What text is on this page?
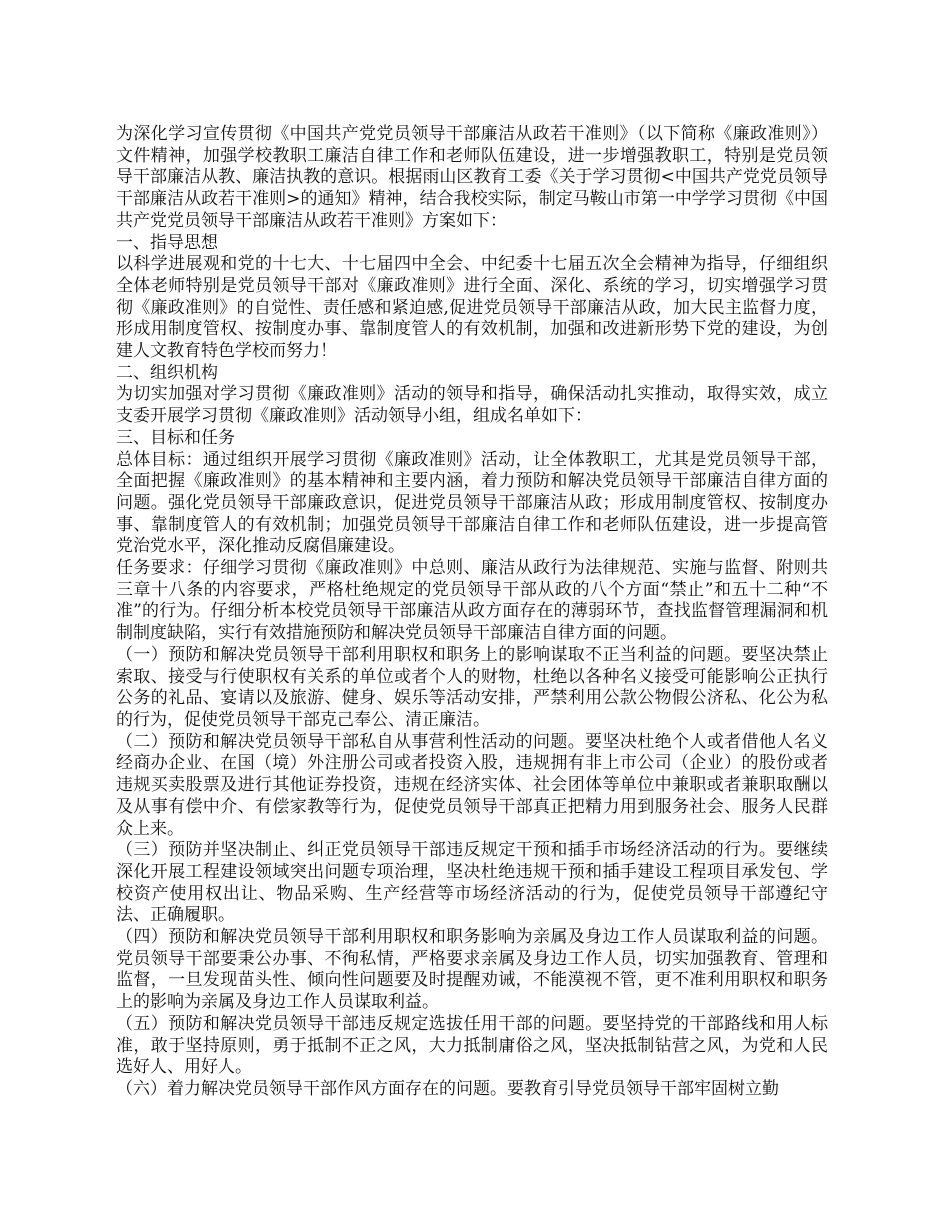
为深化学习宣传贯彻《中国共产党党员领导干部廉洁从政若干准则》（以下简称《廉政准则》）文件精神，加强学校教职工廉洁自律工作和老师队伍建设，进一步增强教职工，特别是党员领导干部廉洁从教、廉洁执教的意识。根据雨山区教育工委《关于学习贯彻<中国共产党党员领导干部廉洁从政若干准则>的通知》精神，结合我校实际，制定马鞍山市第一中学学习贯彻《中国共产党党员领导干部廉洁从政若干准则》方案如下：

一、指导思想

以科学进展观和党的十七大、十七届四中全会、中纪委十七届五次全会精神为指导，仔细组织全体老师特别是党员领导干部对《廉政准则》进行全面、深化、系统的学习，切实增强学习贯彻《廉政准则》的自觉性、责任感和紧迫感,促进党员领导干部廉洁从政，加大民主监督力度，形成用制度管权、按制度办事、靠制度管人的有效机制，加强和改进新形势下党的建设，为创建人文教育特色学校而努力！

二、组织机构

为切实加强对学习贯彻《廉政准则》活动的领导和指导，确保活动扎实推动，取得实效，成立支委开展学习贯彻《廉政准则》活动领导小组，组成名单如下：

三、目标和任务

总体目标：通过组织开展学习贯彻《廉政准则》活动，让全体教职工，尤其是党员领导干部，全面把握《廉政准则》的基本精神和主要内涵，着力预防和解决党员领导干部廉洁自律方面的问题。强化党员领导干部廉政意识，促进党员领导干部廉洁从政；形成用制度管权、按制度办事、靠制度管人的有效机制；加强党员领导干部廉洁自律工作和老师队伍建设，进一步提高管党治党水平，深化推动反腐倡廉建设。

任务要求：仔细学习贯彻《廉政准则》中总则、廉洁从政行为法律规范、实施与监督、附则共三章十八条的内容要求，严格杜绝规定的党员领导干部从政的八个方面“禁止”和五十二种“不准”的行为。仔细分析本校党员领导干部廉洁从政方面存在的薄弱环节，查找监督管理漏洞和机制制度缺陷，实行有效措施预防和解决党员领导干部廉洁自律方面的问题。

（一）预防和解决党员领导干部利用职权和职务上的影响谋取不正当利益的问题。要坚决禁止索取、接受与行使职权有关系的单位或者个人的财物，杜绝以各种名义接受可能影响公正执行公务的礼品、宴请以及旅游、健身、娱乐等活动安排，严禁利用公款公物假公济私、化公为私的行为，促使党员领导干部克己奉公、清正廉洁。

（二）预防和解决党员领导干部私自从事营利性活动的问题。要坚决杜绝个人或者借他人名义经商办企业、在国（境）外注册公司或者投资入股，违规拥有非上市公司（企业）的股份或者违规买卖股票及进行其他证券投资，违规在经济实体、社会团体等单位中兼职或者兼职取酬以及从事有偿中介、有偿家教等行为，促使党员领导干部真正把精力用到服务社会、服务人民群众上来。

（三）预防并坚决制止、纠正党员领导干部违反规定干预和插手市场经济活动的行为。要继续深化开展工程建设领域突出问题专项治理，坚决杜绝违规干预和插手建设工程项目承发包、学校资产使用权出让、物品采购、生产经营等市场经济活动的行为，促使党员领导干部遵纪守法、正确履职。

（四）预防和解决党员领导干部利用职权和职务影响为亲属及身边工作人员谋取利益的问题。党员领导干部要秉公办事、不徇私情，严格要求亲属及身边工作人员，切实加强教育、管理和监督，一旦发现苗头性、倾向性问题要及时提醒劝诫，不能漠视不管，更不准利用职权和职务上的影响为亲属及身边工作人员谋取利益。

（五）预防和解决党员领导干部违反规定选拔任用干部的问题。要坚持党的干部路线和用人标准，敢于坚持原则，勇于抵制不正之风，大力抵制庸俗之风，坚决抵制钻营之风，为党和人民选好人、用好人。

（六）着力解决党员领导干部作风方面存在的问题。要教育引导党员领导干部牢固树立勤
